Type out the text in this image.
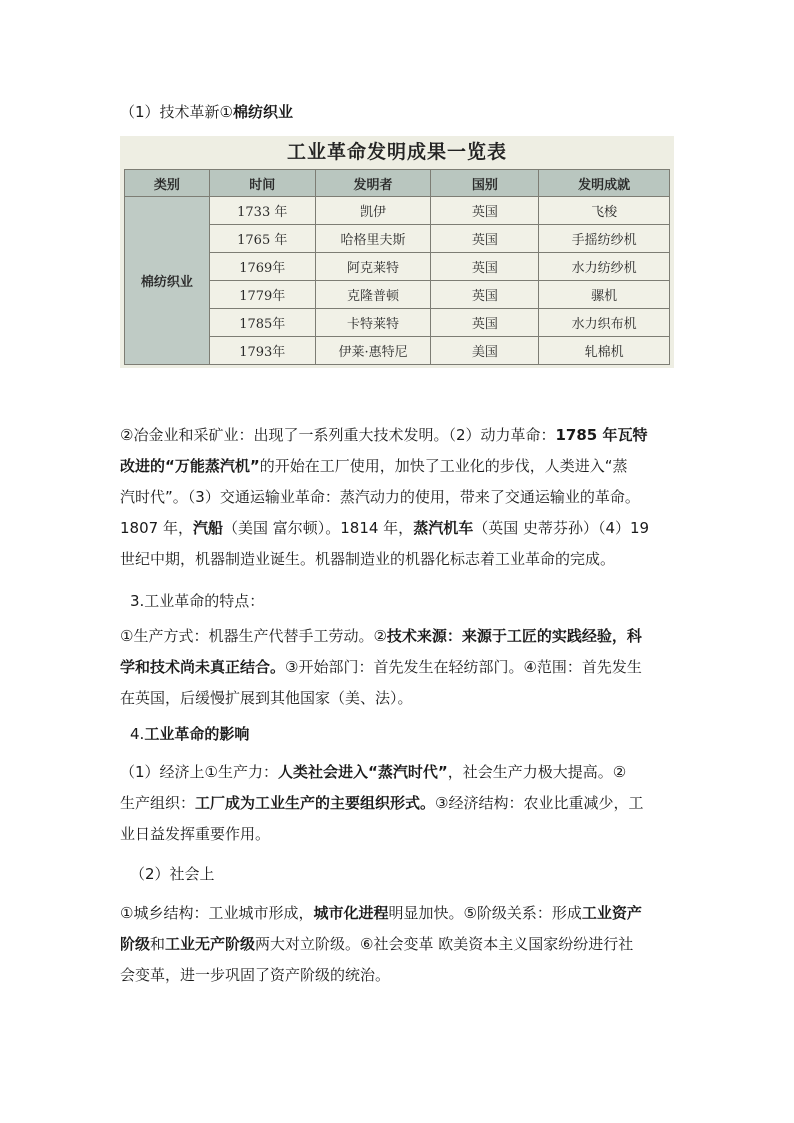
（1）技术革新①棉纺织业
工业革命发明成果一览表
类别	时间	发明者	国别	发明成就
棉纺织业	1733 年	凯伊	英国	飞梭
	1765 年	哈格里夫斯	英国	手摇纺纱机
	1769年	阿克莱特	英国	水力纺纱机
	1779年	克隆普顿	英国	骡机
	1785年	卡特莱特	英国	水力织布机
	1793年	伊莱·惠特尼	美国	轧棉机

②冶金业和采矿业：出现了一系列重大技术发明。（2）动力革命：1785 年瓦特

改进的“万能蒸汽机”的开始在工厂使用，加快了工业化的步伐，人类进入“蒸

汽时代”。（3）交通运输业革命：蒸汽动力的使用，带来了交通运输业的革命。

1807 年，汽船（美国 富尔顿）。1814 年，蒸汽机车（英国 史蒂芬孙）（4）19

世纪中期，机器制造业诞生。机器制造业的机器化标志着工业革命的完成。

3.工业革命的特点：

①生产方式：机器生产代替手工劳动。②技术来源：来源于工匠的实践经验，科

学和技术尚未真正结合。③开始部门：首先发生在轻纺部门。④范围：首先发生

在英国，后缓慢扩展到其他国家（美、法）。

4.工业革命的影响

（1）经济上①生产力：人类社会进入“蒸汽时代”，社会生产力极大提高。②

生产组织：工厂成为工业生产的主要组织形式。③经济结构：农业比重减少，工

业日益发挥重要作用。

（2）社会上

①城乡结构：工业城市形成，城市化进程明显加快。⑤阶级关系：形成工业资产

阶级和工业无产阶级两大对立阶级。⑥社会变革 欧美资本主义国家纷纷进行社

会变革，进一步巩固了资产阶级的统治。
